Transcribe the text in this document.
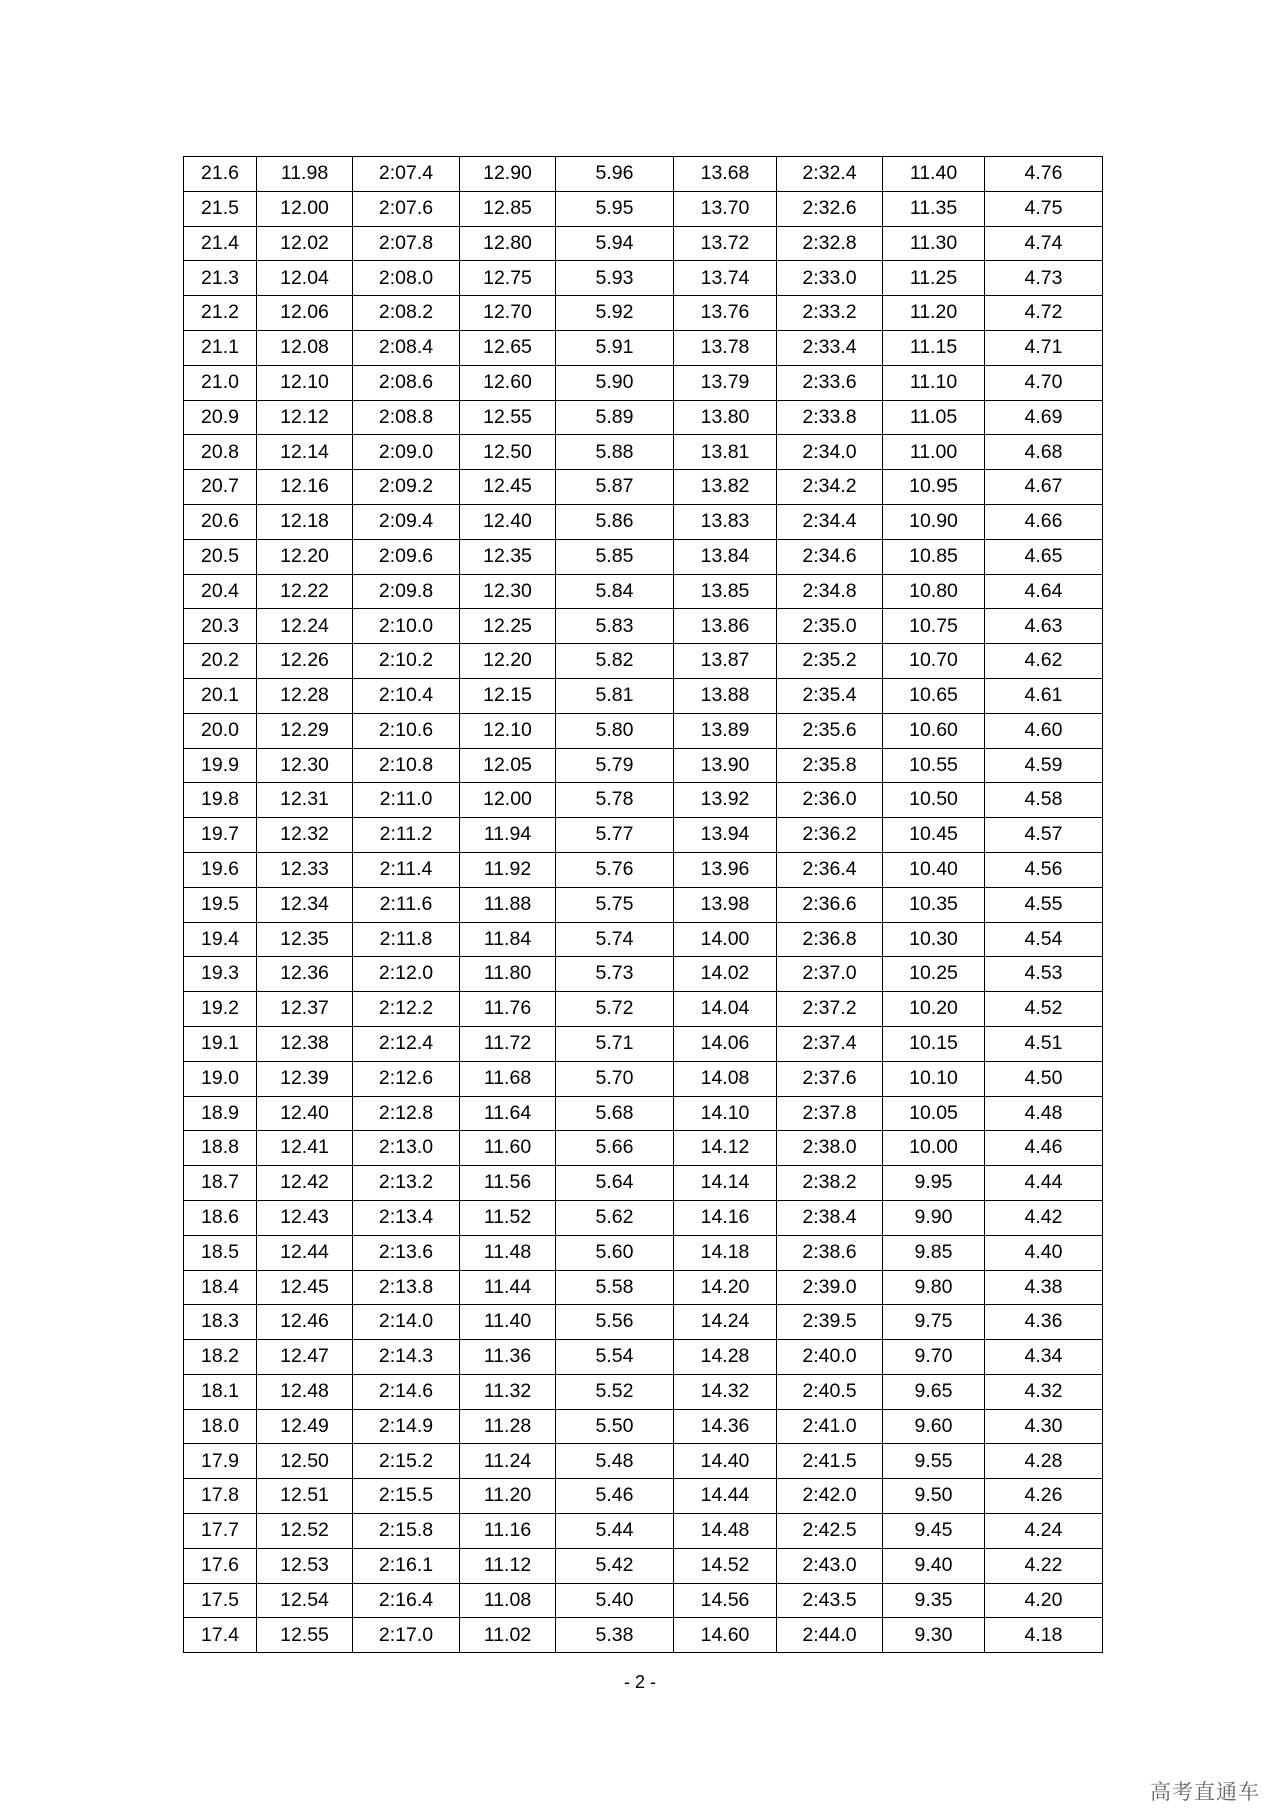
21.6	11.98	2:07.4	12.90	5.96	13.68	2:32.4	11.40	4.76
21.5	12.00	2:07.6	12.85	5.95	13.70	2:32.6	11.35	4.75
21.4	12.02	2:07.8	12.80	5.94	13.72	2:32.8	11.30	4.74
21.3	12.04	2:08.0	12.75	5.93	13.74	2:33.0	11.25	4.73
21.2	12.06	2:08.2	12.70	5.92	13.76	2:33.2	11.20	4.72
21.1	12.08	2:08.4	12.65	5.91	13.78	2:33.4	11.15	4.71
21.0	12.10	2:08.6	12.60	5.90	13.79	2:33.6	11.10	4.70
20.9	12.12	2:08.8	12.55	5.89	13.80	2:33.8	11.05	4.69
20.8	12.14	2:09.0	12.50	5.88	13.81	2:34.0	11.00	4.68
20.7	12.16	2:09.2	12.45	5.87	13.82	2:34.2	10.95	4.67
20.6	12.18	2:09.4	12.40	5.86	13.83	2:34.4	10.90	4.66
20.5	12.20	2:09.6	12.35	5.85	13.84	2:34.6	10.85	4.65
20.4	12.22	2:09.8	12.30	5.84	13.85	2:34.8	10.80	4.64
20.3	12.24	2:10.0	12.25	5.83	13.86	2:35.0	10.75	4.63
20.2	12.26	2:10.2	12.20	5.82	13.87	2:35.2	10.70	4.62
20.1	12.28	2:10.4	12.15	5.81	13.88	2:35.4	10.65	4.61
20.0	12.29	2:10.6	12.10	5.80	13.89	2:35.6	10.60	4.60
19.9	12.30	2:10.8	12.05	5.79	13.90	2:35.8	10.55	4.59
19.8	12.31	2:11.0	12.00	5.78	13.92	2:36.0	10.50	4.58
19.7	12.32	2:11.2	11.94	5.77	13.94	2:36.2	10.45	4.57
19.6	12.33	2:11.4	11.92	5.76	13.96	2:36.4	10.40	4.56
19.5	12.34	2:11.6	11.88	5.75	13.98	2:36.6	10.35	4.55
19.4	12.35	2:11.8	11.84	5.74	14.00	2:36.8	10.30	4.54
19.3	12.36	2:12.0	11.80	5.73	14.02	2:37.0	10.25	4.53
19.2	12.37	2:12.2	11.76	5.72	14.04	2:37.2	10.20	4.52
19.1	12.38	2:12.4	11.72	5.71	14.06	2:37.4	10.15	4.51
19.0	12.39	2:12.6	11.68	5.70	14.08	2:37.6	10.10	4.50
18.9	12.40	2:12.8	11.64	5.68	14.10	2:37.8	10.05	4.48
18.8	12.41	2:13.0	11.60	5.66	14.12	2:38.0	10.00	4.46
18.7	12.42	2:13.2	11.56	5.64	14.14	2:38.2	9.95	4.44
18.6	12.43	2:13.4	11.52	5.62	14.16	2:38.4	9.90	4.42
18.5	12.44	2:13.6	11.48	5.60	14.18	2:38.6	9.85	4.40
18.4	12.45	2:13.8	11.44	5.58	14.20	2:39.0	9.80	4.38
18.3	12.46	2:14.0	11.40	5.56	14.24	2:39.5	9.75	4.36
18.2	12.47	2:14.3	11.36	5.54	14.28	2:40.0	9.70	4.34
18.1	12.48	2:14.6	11.32	5.52	14.32	2:40.5	9.65	4.32
18.0	12.49	2:14.9	11.28	5.50	14.36	2:41.0	9.60	4.30
17.9	12.50	2:15.2	11.24	5.48	14.40	2:41.5	9.55	4.28
17.8	12.51	2:15.5	11.20	5.46	14.44	2:42.0	9.50	4.26
17.7	12.52	2:15.8	11.16	5.44	14.48	2:42.5	9.45	4.24
17.6	12.53	2:16.1	11.12	5.42	14.52	2:43.0	9.40	4.22
17.5	12.54	2:16.4	11.08	5.40	14.56	2:43.5	9.35	4.20
17.4	12.55	2:17.0	11.02	5.38	14.60	2:44.0	9.30	4.18
- 2 -
高考直通车
